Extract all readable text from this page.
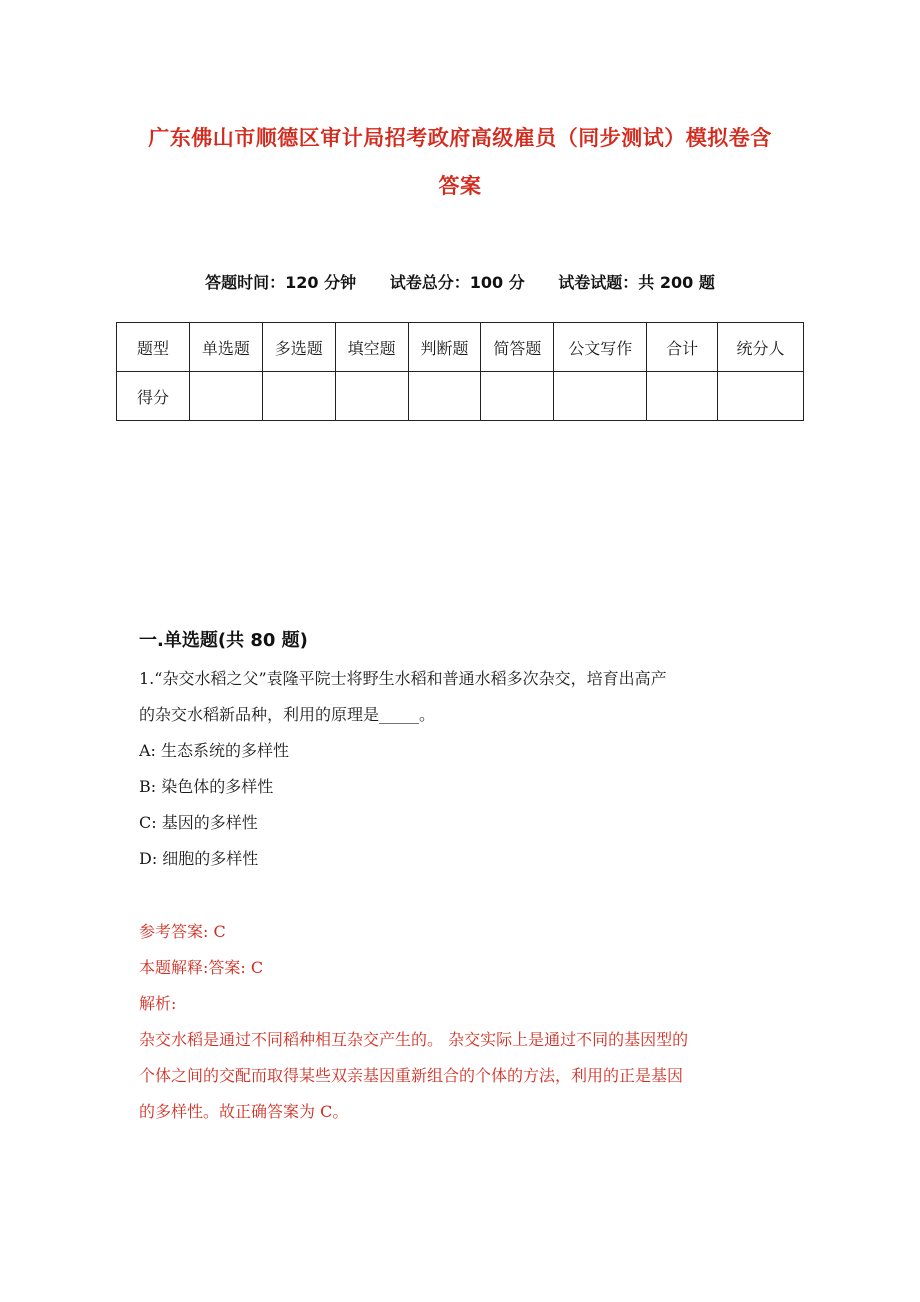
广东佛山市顺德区审计局招考政府高级雇员（同步测试）模拟卷含
答案
答题时间：120 分钟 试卷总分：100 分 试卷试题：共 200 题
题型	单选题	多选题	填空题	判断题	简答题	公文写作	合计	统分人
得分								
一.单选题(共 80 题)
1.“杂交水稻之父”袁隆平院士将野生水稻和普通水稻多次杂交，培育出高产
的杂交水稻新品种，利用的原理是_____。
A: 生态系统的多样性
B: 染色体的多样性
C: 基因的多样性
D: 细胞的多样性
参考答案: C
本题解释:答案: C
解析:
杂交水稻是通过不同稻种相互杂交产生的。 杂交实际上是通过不同的基因型的
个体之间的交配而取得某些双亲基因重新组合的个体的方法，利用的正是基因
的多样性。故正确答案为 C。
